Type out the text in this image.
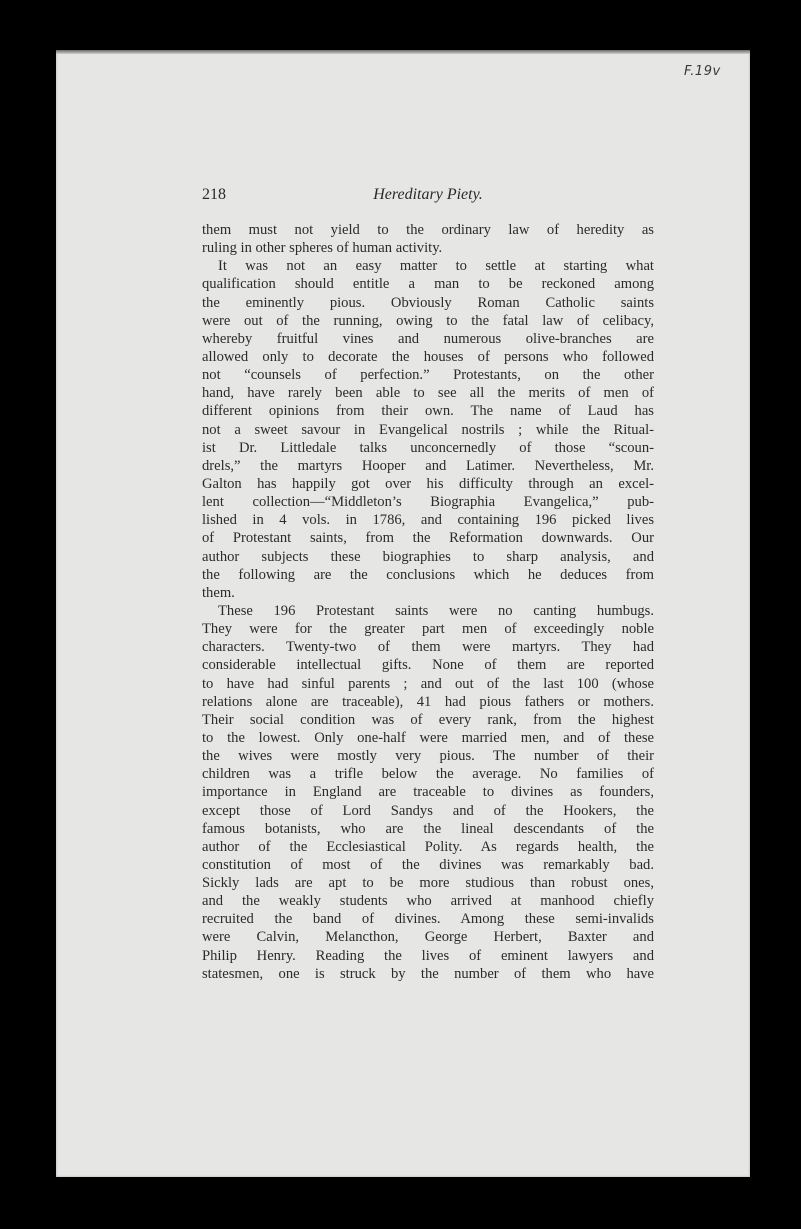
F.19v
218	Hereditary Piety.
them must not yield to the ordinary law of heredity as
ruling in other spheres of human activity.
It was not an easy matter to settle at starting what
qualification should entitle a man to be reckoned among
the eminently pious. Obviously Roman Catholic saints
were out of the running, owing to the fatal law of celibacy,
whereby fruitful vines and numerous olive-branches are
allowed only to decorate the houses of persons who followed
not “counsels of perfection.” Protestants, on the other
hand, have rarely been able to see all the merits of men of
different opinions from their own. The name of Laud has
not a sweet savour in Evangelical nostrils ; while the Ritual-
ist Dr. Littledale talks unconcernedly of those “scoun-
drels,” the martyrs Hooper and Latimer. Nevertheless, Mr.
Galton has happily got over his difficulty through an excel-
lent collection—“Middleton’s Biographia Evangelica,” pub-
lished in 4 vols. in 1786, and containing 196 picked lives
of Protestant saints, from the Reformation downwards. Our
author subjects these biographies to sharp analysis, and
the following are the conclusions which he deduces from
them.
These 196 Protestant saints were no canting humbugs.
They were for the greater part men of exceedingly noble
characters. Twenty-two of them were martyrs. They had
considerable intellectual gifts. None of them are reported
to have had sinful parents ; and out of the last 100 (whose
relations alone are traceable), 41 had pious fathers or mothers.
Their social condition was of every rank, from the highest
to the lowest. Only one-half were married men, and of these
the wives were mostly very pious. The number of their
children was a trifle below the average. No families of
importance in England are traceable to divines as founders,
except those of Lord Sandys and of the Hookers, the
famous botanists, who are the lineal descendants of the
author of the Ecclesiastical Polity. As regards health, the
constitution of most of the divines was remarkably bad.
Sickly lads are apt to be more studious than robust ones,
and the weakly students who arrived at manhood chiefly
recruited the band of divines. Among these semi-invalids
were Calvin, Melancthon, George Herbert, Baxter and
Philip Henry. Reading the lives of eminent lawyers and
statesmen, one is struck by the number of them who have
